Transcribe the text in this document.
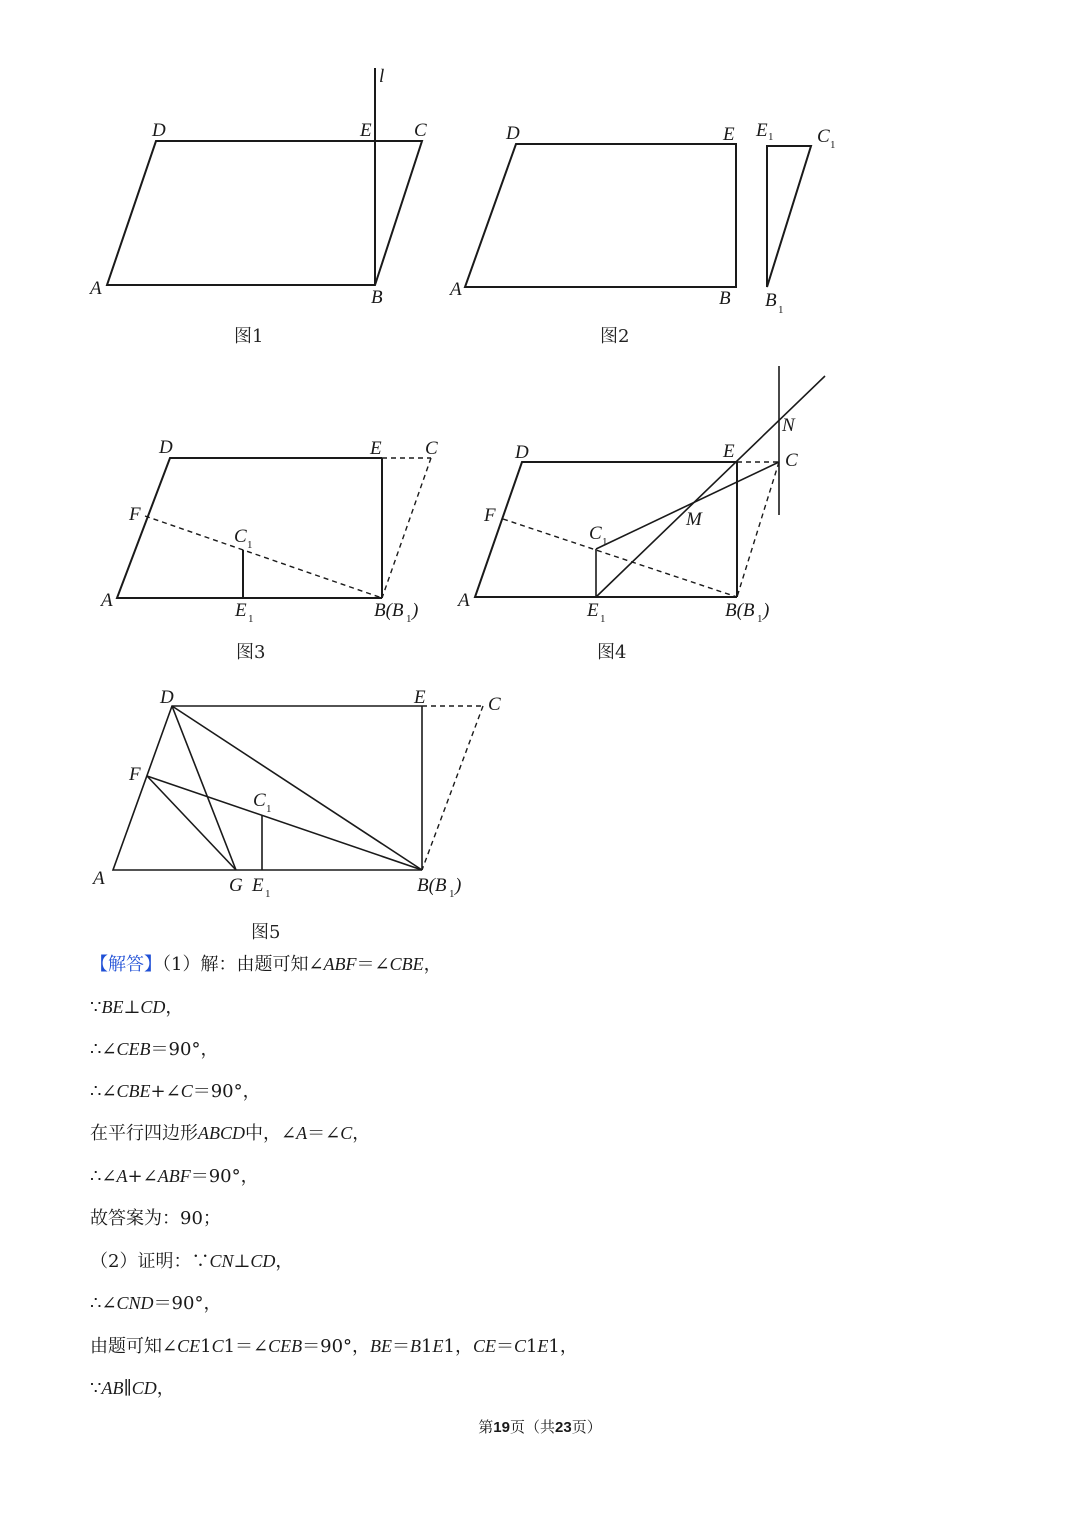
A	B
C
D	E
l
图1
A	B
D	E E 1 C 1
B 1
图2
A
D	E C
F
C 1
E 1	B(B 1 )
图3
A
D	E	C
F
C 1
M
N
E 1	B(B 1 )
图4
A
D	E	C
F
C 1
G E 1	B(B 1 )
图5
【解答】（1）解：由题可知∠ABF＝∠CBE，
∵BE⊥CD，
∴∠CEB＝90°，
∴∠CBE+∠C＝90°，
在平行四边形ABCD中，∠A＝∠C，
∴∠A+∠ABF＝90°，
故答案为：90；
（2）证明：∵CN⊥CD，
∴∠CND＝90°，
由题可知∠CE1C1＝∠CEB＝90°，BE＝B1E1，CE＝C1E1，
∵AB∥CD，
第19页（共23页）
